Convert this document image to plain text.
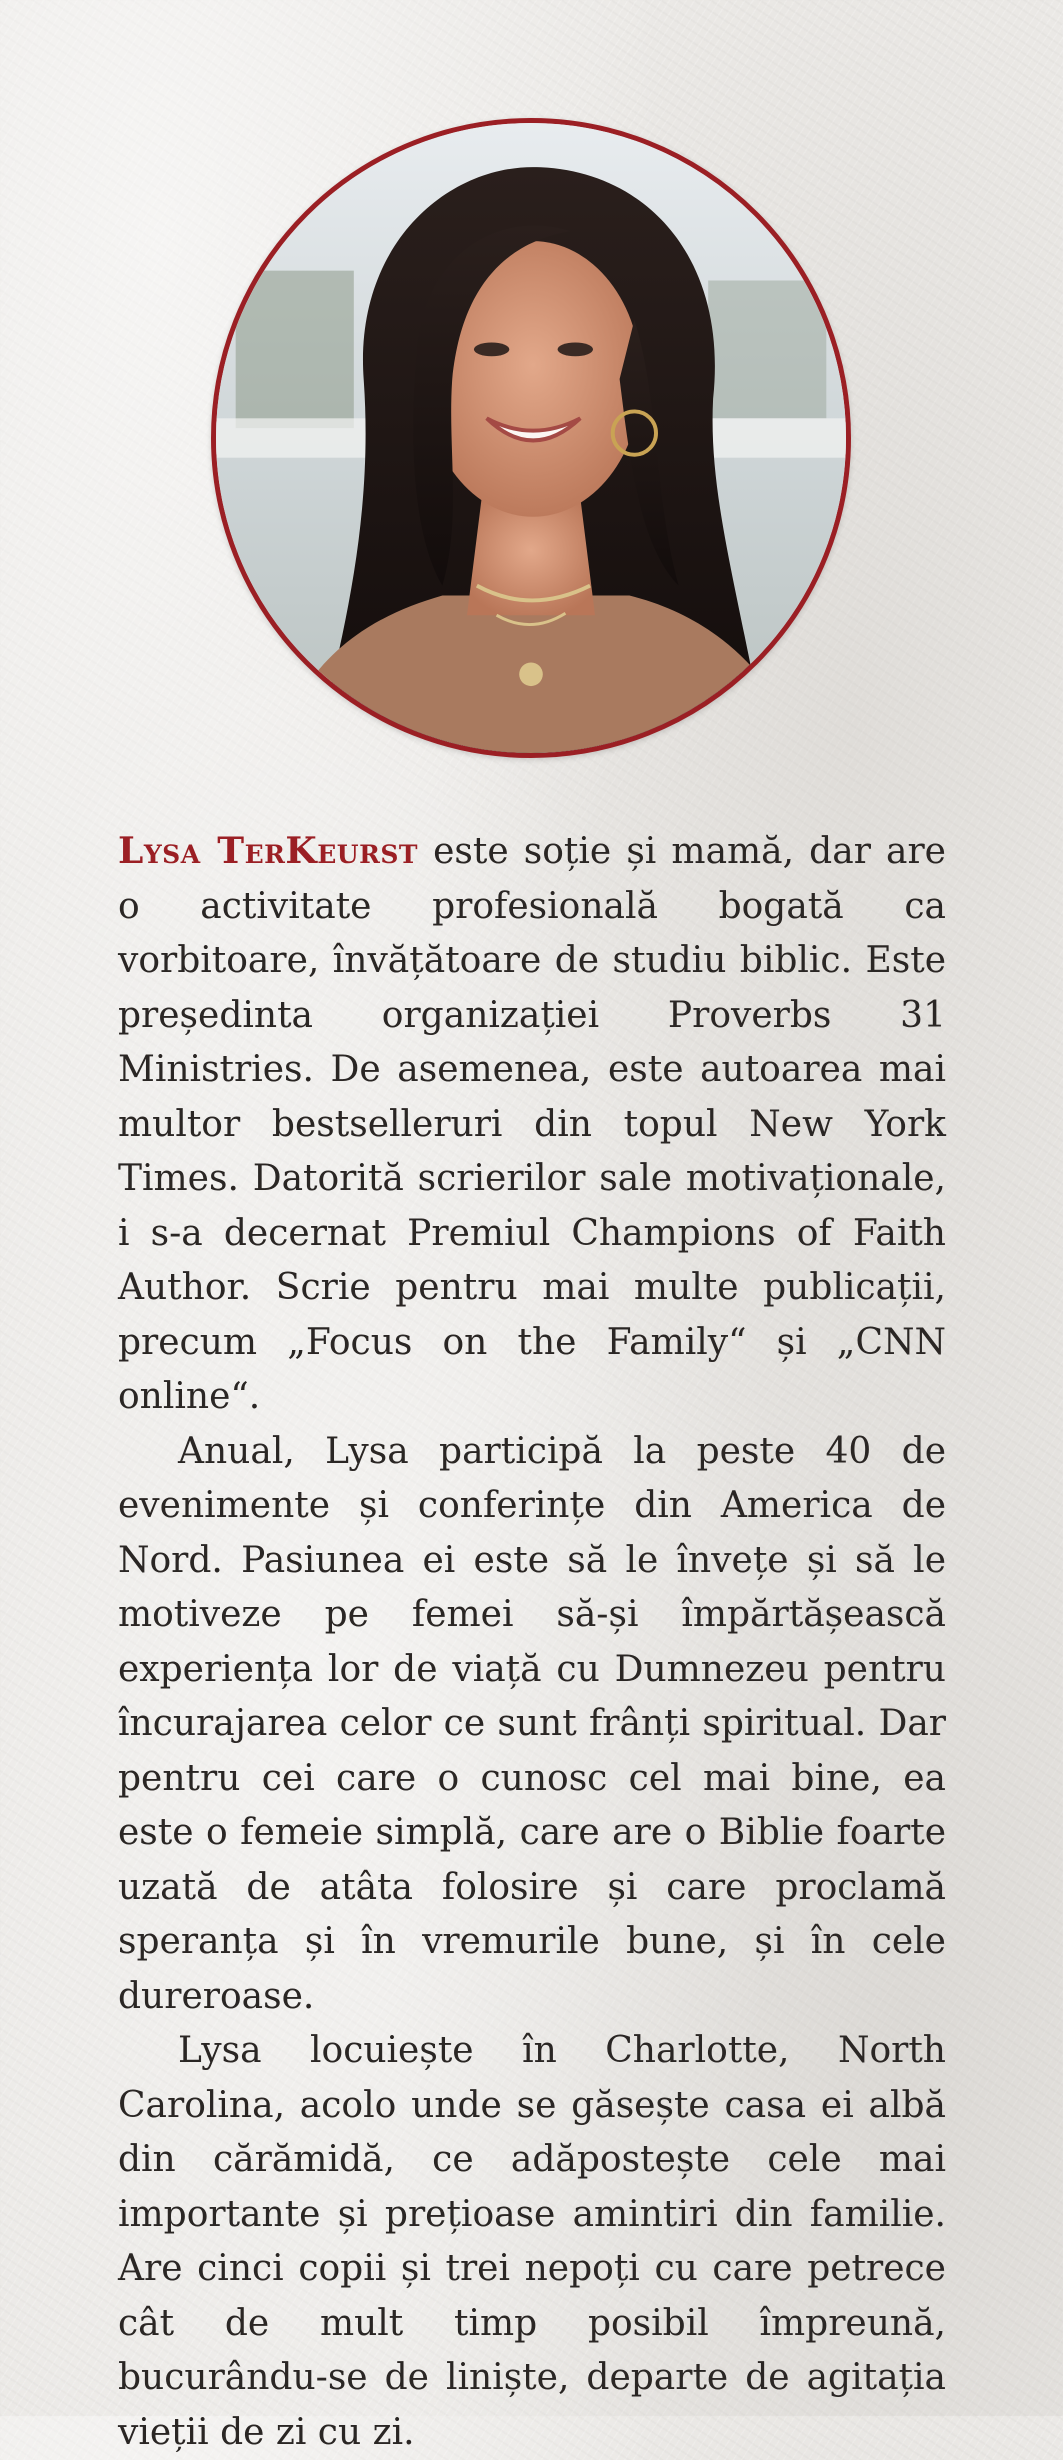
Lysa TerKeurst este soție și mamă, dar are o activitate profesională bogată ca vorbitoare, învățătoare de studiu biblic. Este președinta organizației Proverbs 31 Ministries. De asemenea, este autoarea mai multor bestselleruri din topul New York Times. Datorită scrierilor sale motivaționale, i s-a decernat Premiul Champions of Faith Author. Scrie pentru mai multe publicații, precum „Focus on the Family“ și „CNN online“.

Anual, Lysa participă la peste 40 de evenimente și conferințe din America de Nord. Pasiunea ei este să le învețe și să le motiveze pe femei să-și împărtășească experiența lor de viață cu Dumnezeu pentru încurajarea celor ce sunt frânți spiritual. Dar pentru cei care o cunosc cel mai bine, ea este o femeie simplă, care are o Biblie foarte uzată de atâta folosire și care proclamă speranța și în vremurile bune, și în cele dureroase.

Lysa locuiește în Charlotte, North Carolina, acolo unde se găsește casa ei albă din cărămidă, ce adăpostește cele mai importante și prețioase amintiri din familie. Are cinci copii și trei nepoți cu care petrece cât de mult timp posibil împreună, bucurându-se de liniște, departe de agitația vieții de zi cu zi.
